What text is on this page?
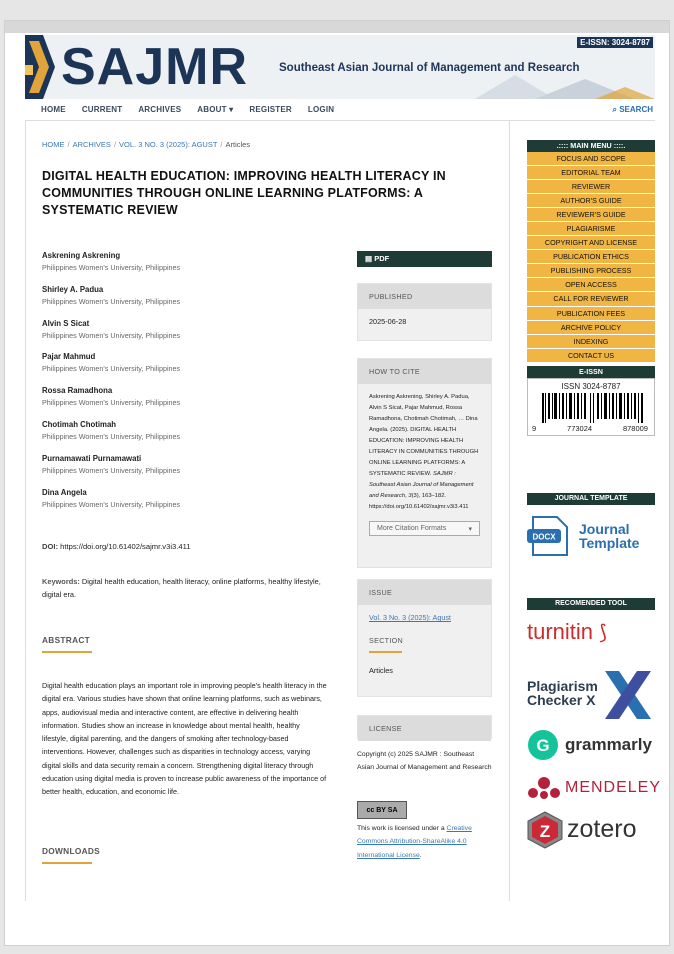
SAJMR	Southeast Asian Journal of Management and Research
E-ISSN: 3024-8787
HOME CURRENT ARCHIVES ABOUT ▾ REGISTER LOGIN	⌕ SEARCH
HOME / ARCHIVES / VOL. 3 NO. 3 (2025): AGUST / Articles
DIGITAL HEALTH EDUCATION: IMPROVING HEALTH LITERACY IN COMMUNITIES THROUGH ONLINE LEARNING PLATFORMS: A SYSTEMATIC REVIEW
Askrening Askrening
Philippines Women's University, Philippines
Shirley A. Padua
Philippines Women's University, Philippines
Alvin S Sicat
Philippines Women's University, Philippines
Pajar Mahmud
Philippines Women's University, Philippines
Rossa Ramadhona
Philippines Women's University, Philippines
Chotimah Chotimah
Philippines Women's University, Philippines
Purnamawati Purnamawati
Philippines Women's University, Philippines
Dina Angela
Philippines Women's University, Philippines
DOI: https://doi.org/10.61402/sajmr.v3i3.411
Keywords: Digital health education, health literacy, online platforms, healthy lifestyle, digital era.
ABSTRACT

Digital health education plays an important role in improving people's health literacy in the digital era. Various studies have shown that online learning platforms, such as webinars, apps, audiovisual media and interactive content, are effective in delivering health information. Studies show an increase in knowledge about mental health, healthy lifestyle, digital parenting, and the dangers of smoking after technology-based interventions. However, challenges such as disparities in technology access, varying digital skills and data security remain a concern. Strengthening digital literacy through education using digital media is proven to increase public awareness of the importance of better health, education, and economic life.

DOWNLOADS
▤ PDF
PUBLISHED
2025-06-28
HOW TO CITE
Askrening Askrening, Shirley A. Padua, Alvin S Sicat, Pajar Mahmud, Rossa Ramadhona, Chotimah Chotimah, … Dina Angela. (2025). DIGITAL HEALTH EDUCATION: IMPROVING HEALTH LITERACY IN COMMUNITIES THROUGH ONLINE LEARNING PLATFORMS: A SYSTEMATIC REVIEW. SAJMR : Southeast Asian Journal of Management and Research, 3(3), 163–182. https://doi.org/10.61402/sajmr.v3i3.411
More Citation Formats	▾
ISSUE
Vol. 3 No. 3 (2025): Agust
SECTION
Articles
LICENSE

Copyright (c) 2025 SAJMR : Southeast Asian Journal of Management and Research

cc BY SA

This work is licensed under a Creative Commons Attribution-ShareAlike 4.0 International License.

.:::: MAIN MENU ::::.
FOCUS AND SCOPE
EDITORIAL TEAM
REVIEWER
AUTHOR'S GUIDE
REVIEWER'S GUIDE
PLAGIARISME
COPYRIGHT AND LICENSE
PUBLICATION ETHICS
PUBLISHING PROCESS
OPEN ACCESS
CALL FOR REVIEWER
PUBLICATION FEES
ARCHIVE POLICY
INDEXING
CONTACT US
E-ISSN
ISSN 3024-8787
9	773024	878009
JOURNAL TEMPLATE
DOCX Journal Template
RECOMENDED TOOL
turnitin ⟆
Plagiarism Checker X
G grammarly
MENDELEY
Z zotero
